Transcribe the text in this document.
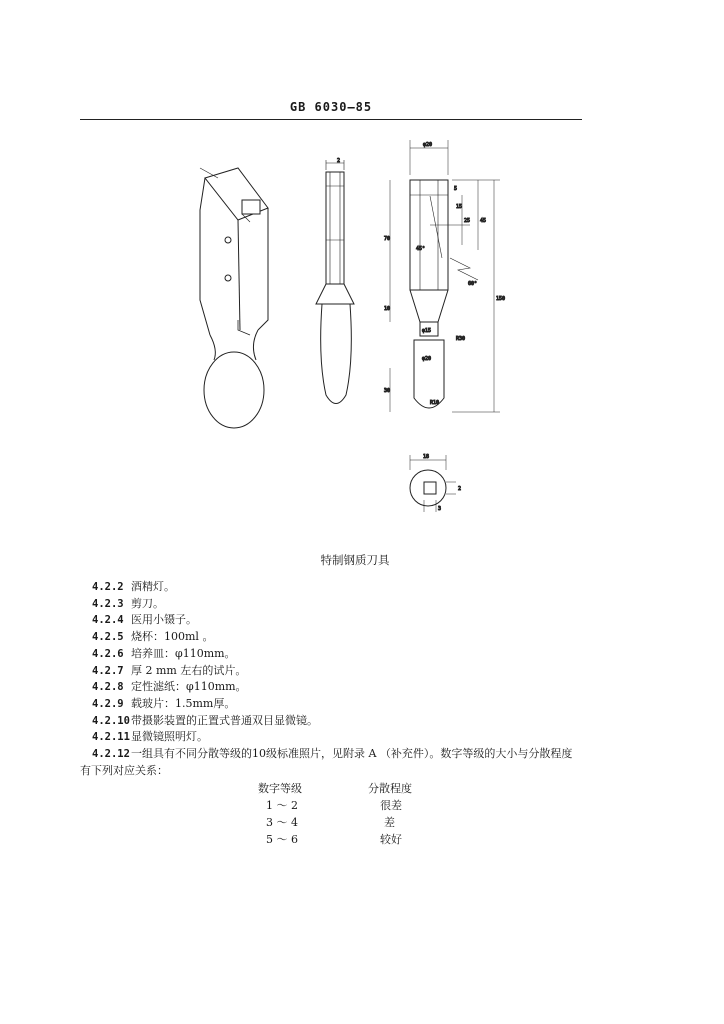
GB 6030—85
2
φ20
150
45
25
70
10
30
φ15
φ20
R30
R10
60°
45°
5
15
18
2
3
特制钢质刀具
4.2.2 酒精灯。
4.2.3 剪刀。
4.2.4 医用小镊子。
4.2.5 烧杯：100ml 。
4.2.6 培养皿：φ110mm。
4.2.7 厚 2 mm 左右的试片。
4.2.8 定性滤纸：φ110mm。
4.2.9 载玻片：1.5mm厚。
4.2.10 带摄影装置的正置式普通双目显微镜。
4.2.11 显微镜照明灯。
4.2.12 一组具有不同分散等级的10级标准照片，见附录 A （补充件）。数字等级的大小与分散程度
有下列对应关系：
数字等级	分散程度
1 ～ 2	很差
3 ～ 4	差
5 ～ 6	较好
